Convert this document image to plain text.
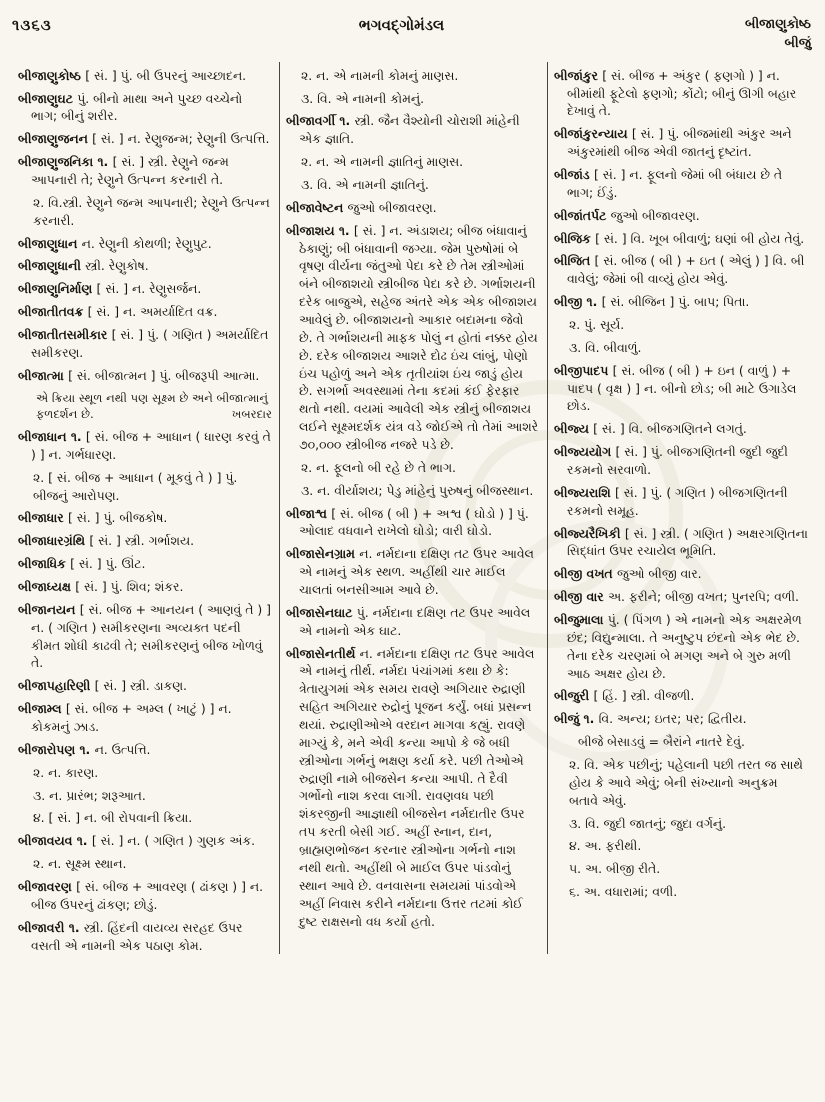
૧૩૬૩	ભગવદ્ગોમંડલ	બીજાણુકોષ્ઠ
બીજું

બીજાણુકોષ્ઠ [ સં. ] પું. બી ઉપરનું આચ્છાદન.

બીજાણુઘટ પું. બીનો માથા અને પુચ્છ વચ્ચેનો ભાગ; બીનું શરીર.

બીજાણુજનન [ સં. ] ન. રેણુજન્મ; રેણુની ઉત્પત્તિ.

બીજાણુજનિકા ૧. [ સં. ] સ્ત્રી. રેણુને જન્મ આપનારી તે; રેણુને ઉત્પન્ન કરનારી તે.

૨. વિ.સ્ત્રી. રેણુને જન્મ આપનારી; રેણુને ઉત્પન્ન કરનારી.

બીજાણુધાન ન. રેણુની કોથળી; રેણુપુટ.

બીજાણુધાની સ્ત્રી. રેણુકોષ.

બીજાણુનિર્માણ [ સં. ] ન. રેણુસર્જન.

બીજાતીતવક્ર [ સં. ] ન. અમર્યાદિત વક્ર.

બીજાતીતસમીકાર [ સં. ] પું. ( ગણિત ) અમર્યાદિત સમીકરણ.

બીજાત્મા [ સં. બીજાત્મન ] પું. બીજરૂપી આત્મા.

એ ક્રિયા સ્થૂળ નથી પણ સૂક્ષ્મ છે અને બીજાત્માનું ફળદર્શન છે.	ખબરદાર

બીજાધાન ૧. [ સં. બીજ + આધાન ( ધારણ કરવું તે ) ] ન. ગર્ભધારણ.

૨. [ સં. બીજ + આધાન ( મૂકવું તે ) ] પું. બીજનું આરોપણ.

બીજાધાર [ સં. ] પું. બીજકોષ.

બીજાધારગ્રંથિ [ સં. ] સ્ત્રી. ગર્ભાશય.

બીજાધિક [ સં. ] પું. ઊંટ.

બીજાધ્યક્ષ [ સં. ] પું. શિવ; શંકર.

બીજાનયન [ સં. બીજ + આનયન ( આણવું તે ) ] ન. ( ગણિત ) સમીકરણના અવ્યક્ત પદની કીમત શોધી કાઢવી તે; સમીકરણનું બીજ ખોળવું તે.

બીજાપહારિણી [ સં. ] સ્ત્રી. ડાકણ.

બીજામ્લ [ સં. બીજ + અમ્લ ( ખાટું ) ] ન. કોકમનું ઝાડ.

બીજારોપણ ૧. ન. ઉત્પત્તિ.

૨. ન. કારણ.

૩. ન. પ્રારંભ; શરૂઆત.

૪. [ સં. ] ન. બી રોપવાની ક્રિયા.

બીજાવયવ ૧. [ સં. ] ન. ( ગણિત ) ગુણક અંક.

૨. ન. સૂક્ષ્મ સ્થાન.

બીજાવરણ [ સં. બીજ + આવરણ ( ઢાંકણ ) ] ન. બીજ ઉપરનું ઢાંકણ; છોડું.

બીજાવરી ૧. સ્ત્રી. હિંદની વાયવ્ય સરહદ ઉપર વસતી એ નામની એક પઠાણ કોમ.

૨. ન. એ નામની કોમનું માણસ.

૩. વિ. એ નામની કોમનું.

બીજાવર્ગી ૧. સ્ત્રી. જૈન વૈશ્યોની ચોરાશી માંહેની એક જ્ઞાતિ.

૨. ન. એ નામની જ્ઞાતિનું માણસ.

૩. વિ. એ નામની જ્ઞાતિનું.

બીજાવેષ્ટન જુઓ બીજાવરણ.

બીજાશય ૧. [ સં. ] ન. અંડાશય; બીજ બંધાવાનું ઠેકાણું; બી બંધાવાની જગ્યા. જેમ પુરુષોમાં બે વૃષણ વીર્યના જંતુઓ પેદા કરે છે તેમ સ્ત્રીઓમાં બંને બીજાશયો સ્ત્રીબીજ પેદા કરે છે. ગર્ભાશયની દરેક બાજુએ, સહેજ અંતરે એક એક બીજાશય આવેલું છે. બીજાશયનો આકાર બદામના જેવો છે. તે ગર્ભાશયની માફક પોલું ન હોતાં નક્કર હોય છે. દરેક બીજાશય આશરે દોઢ ઇંચ લાંબું, પોણો ઇંચ પહોળું અને એક તૃતીયાંશ ઇંચ જાડું હોય છે. સગર્ભા અવસ્થામાં તેના કદમાં કંઈ ફેરફાર થતો નથી. વયમાં આવેલી એક સ્ત્રીનું બીજાશય લઈને સૂક્ષ્મદર્શક યંત્ર વડે જોઈએ તો તેમાં આશરે ૭૦,૦૦૦ સ્ત્રીબીજ નજરે પડે છે.

૨. ન. ફૂલનો બી રહે છે તે ભાગ.

૩. ન. વીર્યાશય; પેડુ માંહેનું પુરુષનું બીજસ્થાન.

બીજાશ્વ [ સં. બીજ ( બી ) + અશ્વ ( ઘોડો ) ] પું. ઓલાદ વધવાને રાખેલો ઘોડો; વારી ઘોડો.

બીજાસેનગ્રામ ન. નર્મદાના દક્ષિણ તટ ઉપર આવેલ એ નામનું એક સ્થળ. અહીંથી ચાર માઈલ ચાલતાં બનસીઆમ આવે છે.

બીજાસેનઘાટ પું. નર્મદાના દક્ષિણ તટ ઉપર આવેલ એ નામનો એક ઘાટ.

બીજાસેનતીર્થ ન. નર્મદાના દક્ષિણ તટ ઉપર આવેલ એ નામનું તીર્થ. નર્મદા પંચાંગમાં કથા છે કે: ત્રેતાયુગમાં એક સમય રાવણે અગિયાર રુદ્રાણી સહિત અગિયાર રુદ્રોનું પૂજન કર્યું. બધાં પ્રસન્ન થયાં. રુદ્રાણીઓએ વરદાન માગવા કહ્યું. રાવણે માગ્યું કે, મને એવી કન્યા આપો કે જે બધી સ્ત્રીઓના ગર્ભનું ભક્ષણ કર્યા કરે. પછી તેઓએ રુદ્રાણી નામે બીજસેન કન્યા આપી. તે દૈવી ગર્ભોનો નાશ કરવા લાગી. રાવણવધ પછી શંકરજીની આજ્ઞાથી બીજસેન નર્મદાતીર ઉપર તપ કરતી બેસી ગઈ. અહીં સ્નાન, દાન, બ્રાહ્મણભોજન કરનાર સ્ત્રીઓના ગર્ભનો નાશ નથી થતો. અહીંથી બે માઈલ ઉપર પાંડવોનું સ્થાન આવે છે. વનવાસના સમયમાં પાંડવોએ અહીં નિવાસ કરીને નર્મદાના ઉત્તર તટમાં કોઈ દુષ્ટ રાક્ષસનો વધ કર્યો હતો.

બીજાંકુર [ સં. બીજ + અંકુર ( ફણગો ) ] ન. બીમાંથી ફૂટેલો ફણગો; કોંટો; બીનું ઊગી બહાર દેખાવું તે.

બીજાંકુરન્યાય [ સં. ] પું. બીજમાંથી અંકુર અને અંકુરમાંથી બીજ એવી જાતનું દૃષ્ટાંત.

બીજાંડ [ સં. ] ન. ફૂલનો જેમાં બી બંધાય છે તે ભાગ; ઈંડું.

બીજાંતર્પટ જુઓ બીજાવરણ.

બીજિક [ સં. ] વિ. ખૂબ બીવાળું; ઘણાં બી હોય તેવું.

બીજિત [ સં. બીજ ( બી ) + ઇત ( એલું ) ] વિ. બી વાવેલું; જેમાં બી વાવ્યું હોય એવું.

બીજી ૧. [ સં. બીજિન ] પું. બાપ; પિતા.

૨. પું. સૂર્ય.

૩. વિ. બીવાળું.

બીજીપાદપ [ સં. બીજ ( બી ) + ઇન ( વાળું ) + પાદપ ( વૃક્ષ ) ] ન. બીનો છોડ; બી માટે ઉગાડેલ છોડ.

બીજ્ય [ સં. ] વિ. બીજગણિતને લગતું.

બીજ્યયોગ [ સં. ] પું. બીજગણિતની જુદી જુદી રકમનો સરવાળો.

બીજ્યરાશિ [ સં. ] પું. ( ગણિત ) બીજગણિતની રકમનો સમૂહ.

બીજ્યરૈખિકી [ સં. ] સ્ત્રી. ( ગણિત ) અક્ષરગણિતના સિદ્ધાંત ઉપર રચાયેલ ભૂમિતિ.

બીજી વખત જુઓ બીજી વાર.

બીજી વાર અ. ફરીને; બીજી વખત; પુનરપિ; વળી.

બીજુમાલા પું. ( પિંગળ ) એ નામનો એક અક્ષરમેળ છંદ; વિદ્યુન્માલા. તે અનુષ્ટુપ છંદનો એક ભેદ છે. તેના દરેક ચરણમાં બે મગણ અને બે ગુરુ મળી આઠ અક્ષર હોય છે.

બીજુરી [ હિં. ] સ્ત્રી. વીજળી.

બીજું ૧. વિ. અન્ય; ઇતર; પર; દ્વિતીય.

બીજે બેસાડવું = બૈરાંને નાતરે દેવું.

૨. વિ. એક પછીનું; પહેલાની પછી તરત જ સાથે હોય કે આવે એવું; બેની સંખ્યાનો અનુક્રમ બતાવે એવું.

૩. વિ. જુદી જાતનું; જુદા વર્ગનું.

૪. અ. ફરીથી.

૫. અ. બીજી રીતે.

૬. અ. વધારામાં; વળી.
